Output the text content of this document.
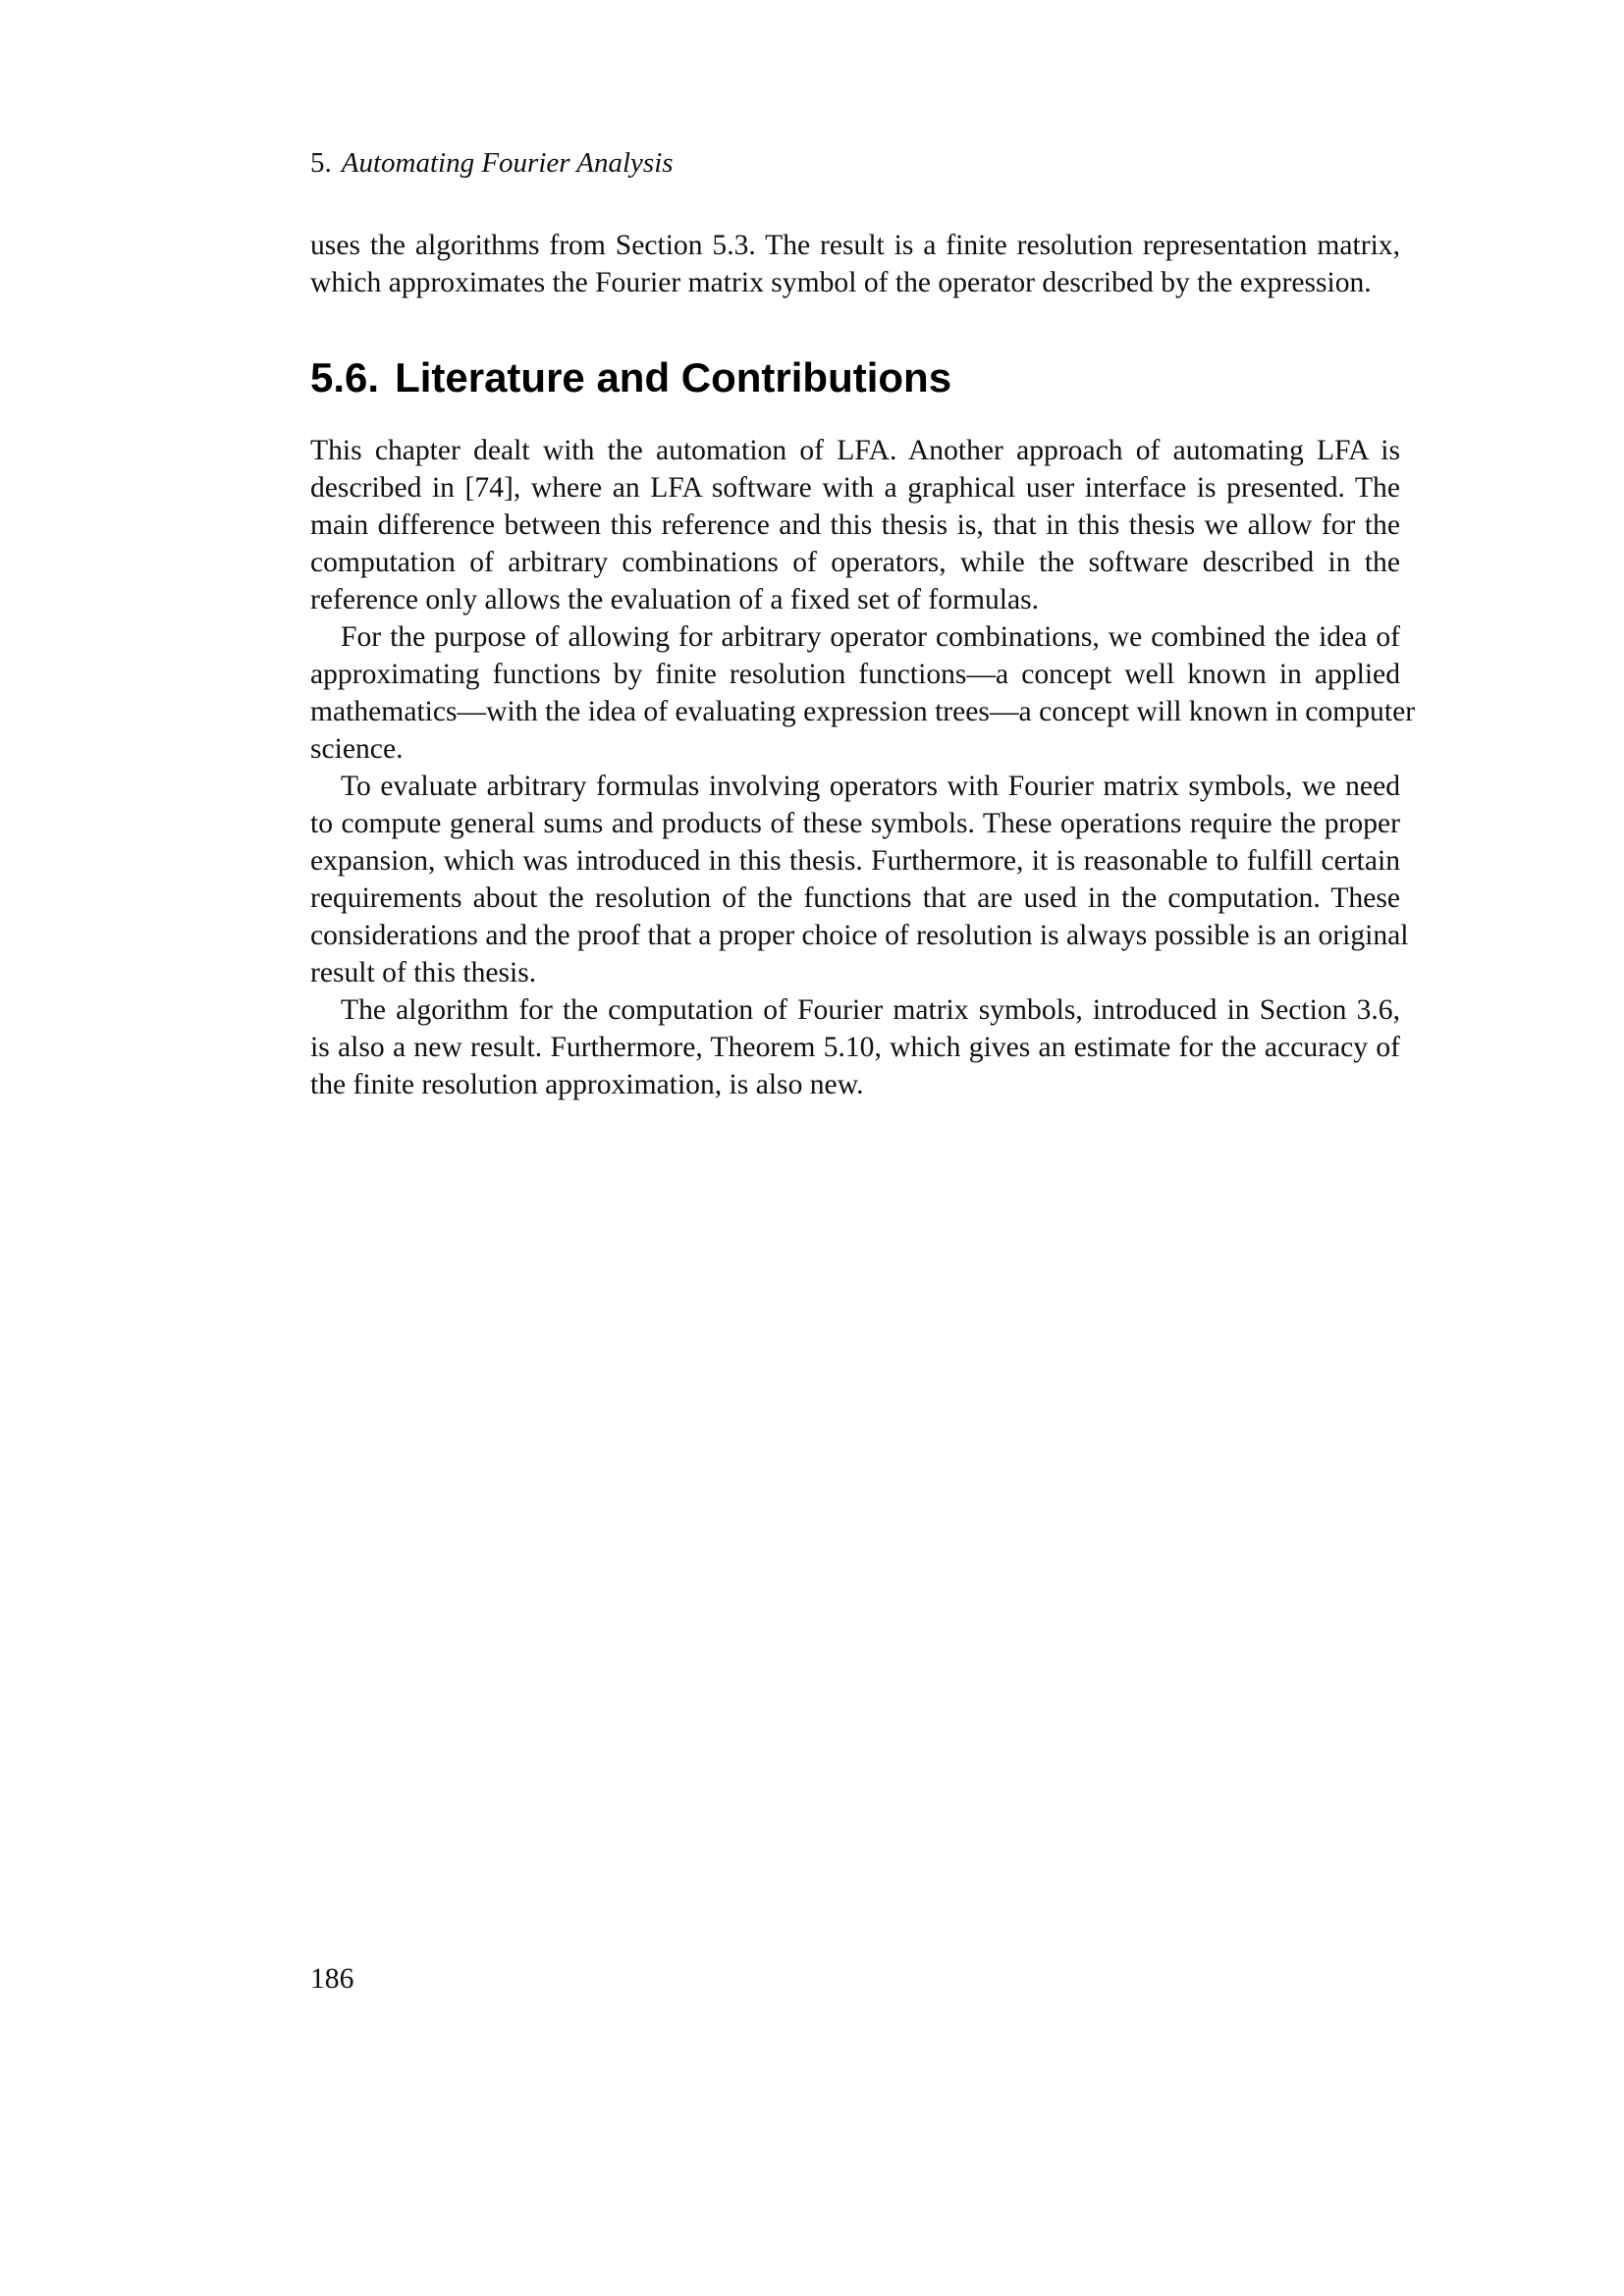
5. Automating Fourier Analysis
uses the algorithms from Section 5.3. The result is a finite resolution representation matrix,
which approximates the Fourier matrix symbol of the operator described by the expression.
5.6. Literature and Contributions
This chapter dealt with the automation of LFA. Another approach of automating LFA is
described in [74], where an LFA software with a graphical user interface is presented. The
main difference between this reference and this thesis is, that in this thesis we allow for the
computation of arbitrary combinations of operators, while the software described in the
reference only allows the evaluation of a fixed set of formulas.
For the purpose of allowing for arbitrary operator combinations, we combined the idea of
approximating functions by finite resolution functions—a concept well known in applied
mathematics—with the idea of evaluating expression trees—a concept will known in computer
science.
To evaluate arbitrary formulas involving operators with Fourier matrix symbols, we need
to compute general sums and products of these symbols. These operations require the proper
expansion, which was introduced in this thesis. Furthermore, it is reasonable to fulfill certain
requirements about the resolution of the functions that are used in the computation. These
considerations and the proof that a proper choice of resolution is always possible is an original
result of this thesis.
The algorithm for the computation of Fourier matrix symbols, introduced in Section 3.6,
is also a new result. Furthermore, Theorem 5.10, which gives an estimate for the accuracy of
the finite resolution approximation, is also new.
186
